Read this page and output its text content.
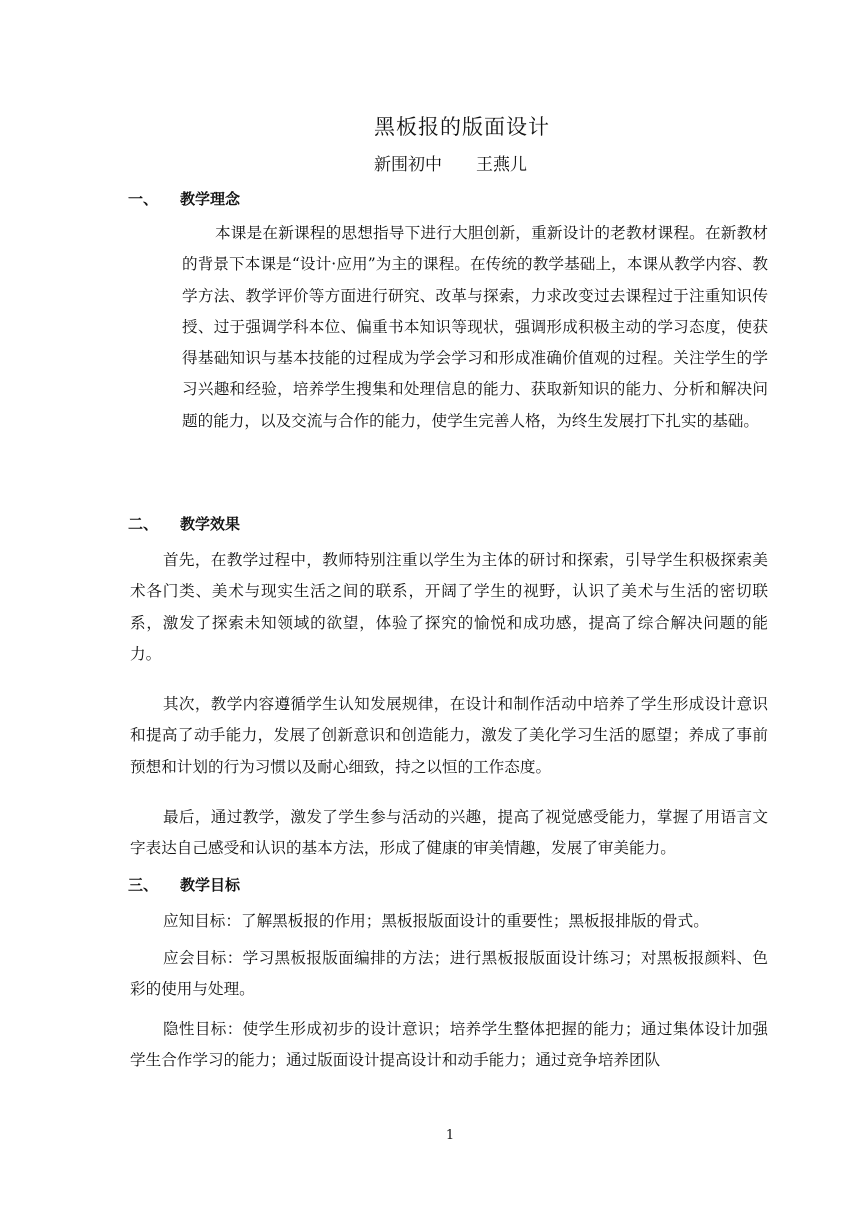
黑板报的版面设计
新围初中　　王燕儿
一、 教学理念

本课是在新课程的思想指导下进行大胆创新，重新设计的老教材课程。在新教材的背景下本课是“设计·应用”为主的课程。在传统的教学基础上，本课从教学内容、教学方法、教学评价等方面进行研究、改革与探索，力求改变过去课程过于注重知识传授、过于强调学科本位、偏重书本知识等现状，强调形成积极主动的学习态度，使获得基础知识与基本技能的过程成为学会学习和形成准确价值观的过程。关注学生的学习兴趣和经验，培养学生搜集和处理信息的能力、获取新知识的能力、分析和解决问题的能力，以及交流与合作的能力，使学生完善人格，为终生发展打下扎实的基础。

二、 教学效果

首先，在教学过程中，教师特别注重以学生为主体的研讨和探索，引导学生积极探索美术各门类、美术与现实生活之间的联系，开阔了学生的视野，认识了美术与生活的密切联系，激发了探索未知领域的欲望，体验了探究的愉悦和成功感，提高了综合解决问题的能力。

其次，教学内容遵循学生认知发展规律，在设计和制作活动中培养了学生形成设计意识和提高了动手能力，发展了创新意识和创造能力，激发了美化学习生活的愿望；养成了事前预想和计划的行为习惯以及耐心细致，持之以恒的工作态度。

最后，通过教学，激发了学生参与活动的兴趣，提高了视觉感受能力，掌握了用语言文字表达自己感受和认识的基本方法，形成了健康的审美情趣，发展了审美能力。

三、 教学目标

应知目标：了解黑板报的作用；黑板报版面设计的重要性；黑板报排版的骨式。

应会目标：学习黑板报版面编排的方法；进行黑板报版面设计练习；对黑板报颜料、色彩的使用与处理。

隐性目标：使学生形成初步的设计意识；培养学生整体把握的能力；通过集体设计加强学生合作学习的能力；通过版面设计提高设计和动手能力；通过竞争培养团队

1
